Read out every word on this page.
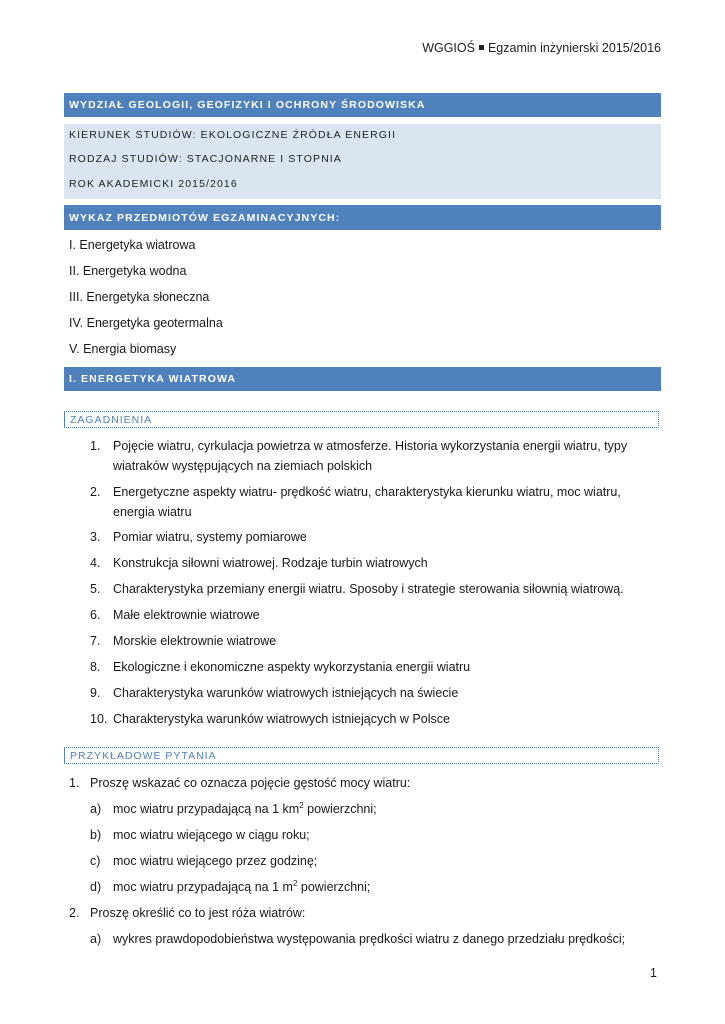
WGGIOŚ Egzamin inżynierski 2015/2016
WYDZIAŁ GEOLOGII, GEOFIZYKI I OCHRONY ŚRODOWISKA
KIERUNEK STUDIÓW: EKOLOGICZNE ŹRÓDŁA ENERGII
RODZAJ STUDIÓW: STACJONARNE I STOPNIA
ROK AKADEMICKI 2015/2016
WYKAZ PRZEDMIOTÓW EGZAMINACYJNYCH:
I. Energetyka wiatrowa
II. Energetyka wodna
III. Energetyka słoneczna
IV. Energetyka geotermalna
V. Energia biomasy
I. ENERGETYKA WIATROWA
ZAGADNIENIA
1. Pojęcie wiatru, cyrkulacja powietrza w atmosferze. Historia wykorzystania energii wiatru, typy
wiatraków występujących na ziemiach polskich
2. Energetyczne aspekty wiatru- prędkość wiatru, charakterystyka kierunku wiatru, moc wiatru,
energia wiatru
3. Pomiar wiatru, systemy pomiarowe
4. Konstrukcja siłowni wiatrowej. Rodzaje turbin wiatrowych
5. Charakterystyka przemiany energii wiatru. Sposoby i strategie sterowania siłownią wiatrową.
6. Małe elektrownie wiatrowe
7. Morskie elektrownie wiatrowe
8. Ekologiczne i ekonomiczne aspekty wykorzystania energii wiatru
9. Charakterystyka warunków wiatrowych istniejących na świecie
10. Charakterystyka warunków wiatrowych istniejących w Polsce
PRZYKŁADOWE PYTANIA
1. Proszę wskazać co oznacza pojęcie gęstość mocy wiatru:
a) moc wiatru przypadającą na 1 $km^2$ powierzchni;
b) moc wiatru wiejącego w ciągu roku;
c) moc wiatru wiejącego przez godzinę;
d) moc wiatru przypadającą na 1 $m^2$ powierzchni;
2. Proszę określić co to jest róża wiatrów:
a) wykres prawdopodobieństwa występowania prędkości wiatru z danego przedziału prędkości;
1
